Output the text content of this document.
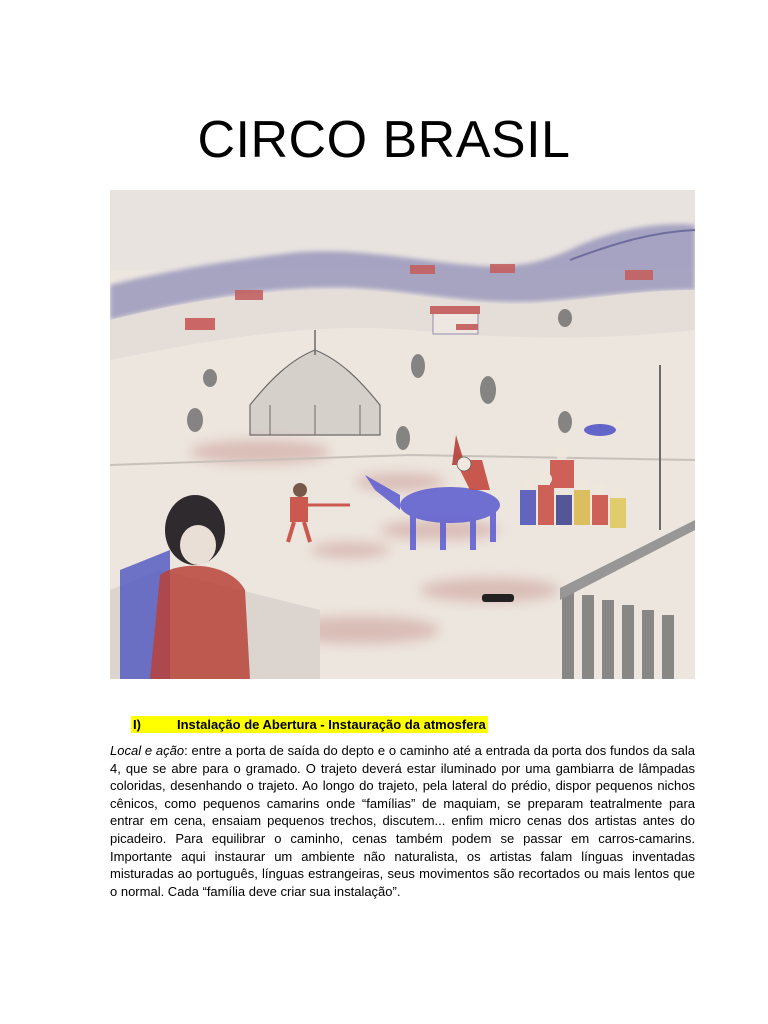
CIRCO BRASIL
I)	Instalação de Abertura - Instauração da atmosfera

Local e ação: entre a porta de saída do depto e o caminho até a entrada da porta dos fundos da sala 4, que se abre para o gramado. O trajeto deverá estar iluminado por uma gambiarra de lâmpadas coloridas, desenhando o trajeto. Ao longo do trajeto, pela lateral do prédio, dispor pequenos nichos cênicos, como pequenos camarins onde “famílias” de maquiam, se preparam teatralmente para entrar em cena, ensaiam pequenos trechos, discutem... enfim micro cenas dos artistas antes do picadeiro. Para equilibrar o caminho, cenas também podem se passar em carros-camarins. Importante aqui instaurar um ambiente não naturalista, os artistas falam línguas inventadas misturadas ao português, línguas estrangeiras, seus movimentos são recortados ou mais lentos que o normal. Cada “família deve criar sua instalação”.
